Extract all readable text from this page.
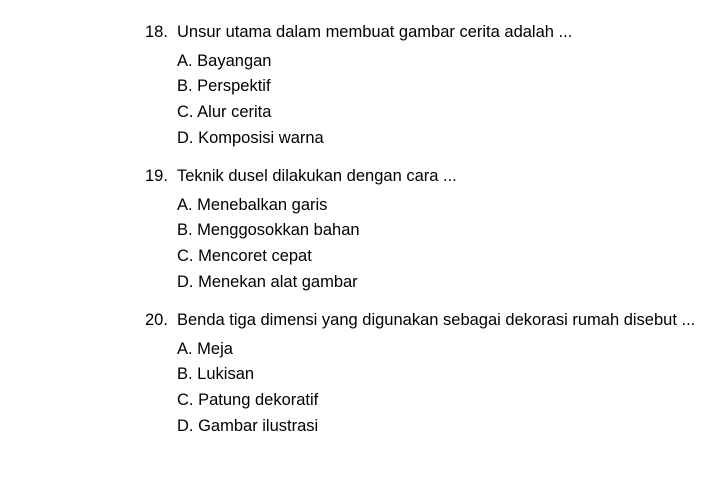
18. Unsur utama dalam membuat gambar cerita adalah ...
A. Bayangan
B. Perspektif
C. Alur cerita
D. Komposisi warna
19. Teknik dusel dilakukan dengan cara ...
A. Menebalkan garis
B. Menggosokkan bahan
C. Mencoret cepat
D. Menekan alat gambar
20. Benda tiga dimensi yang digunakan sebagai dekorasi rumah disebut ...
A. Meja
B. Lukisan
C. Patung dekoratif
D. Gambar ilustrasi
